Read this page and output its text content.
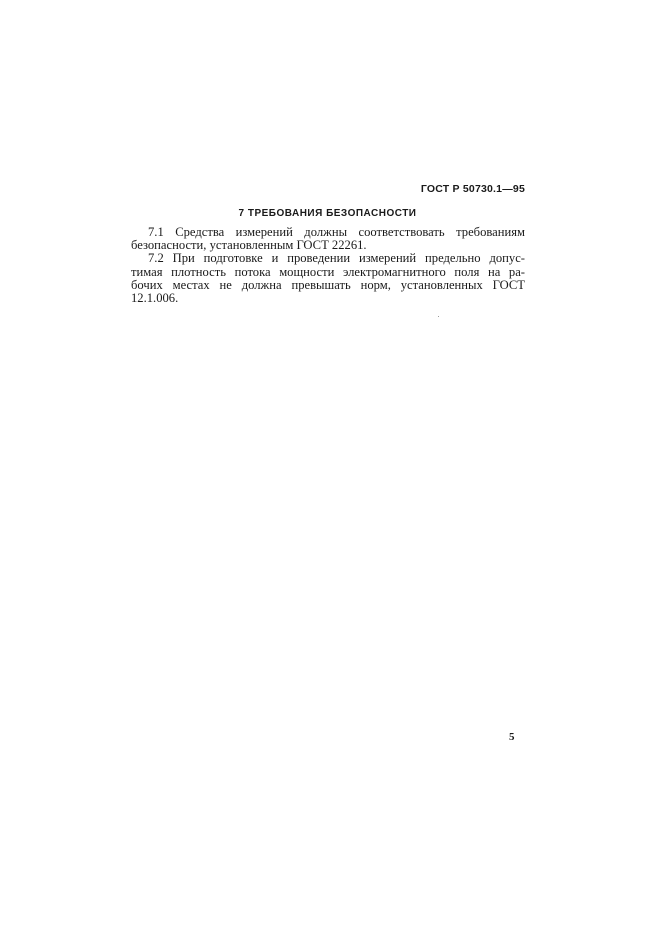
ГОСТ Р 50730.1—95
7 ТРЕБОВАНИЯ БЕЗОПАСНОСТИ
7.1 Средства измерений должны соответствовать требованиям
безопасности, установленным ГОСТ 22261.
7.2 При подготовке и проведении измерений предельно допус-
тимая плотность потока мощности электромагнитного поля на ра-
бочих местах не должна превышать норм, установленных ГОСТ
12.1.006.
5
